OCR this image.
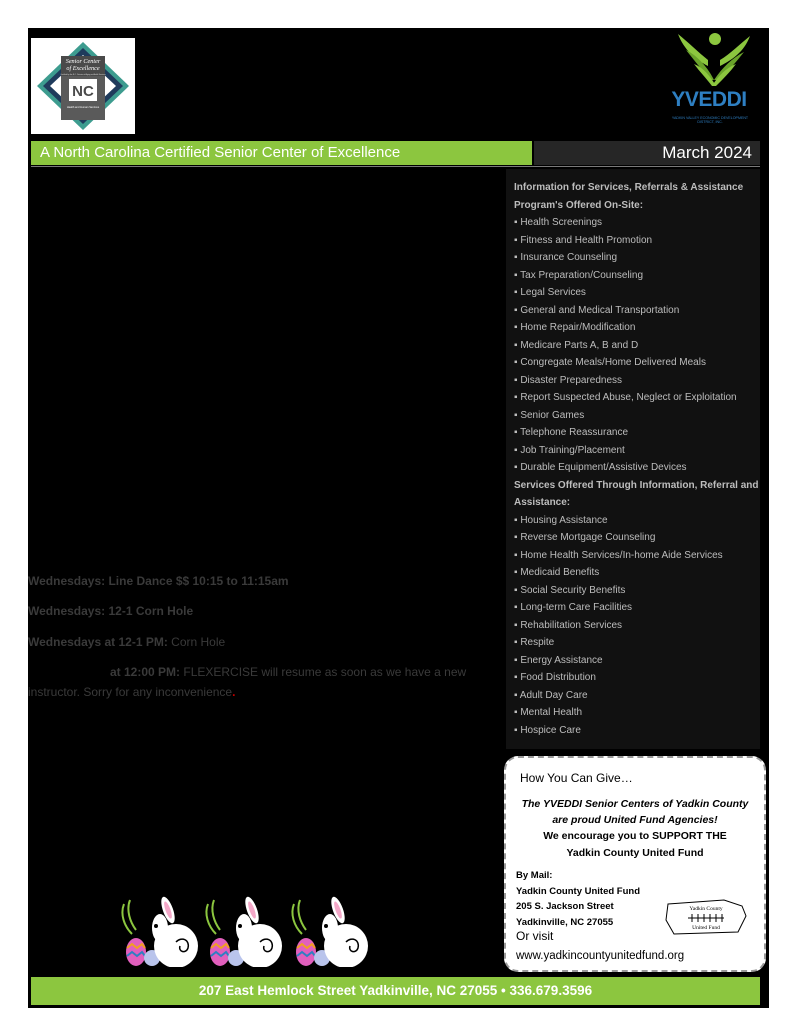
Senior Center
of Excellence
Certified by the N.C. Division of Aging and Adult Services
NC
Health and Human Services	YVEDDI
YADKIN VALLEY ECONOMIC DEVELOPMENT DISTRICT, INC.
A North Carolina Certified Senior Center of Excellence	March 2024
Information for Services, Referrals & Assistance Program's Offered On-Site:
▪ Health Screenings
▪ Fitness and Health Promotion
▪ Insurance Counseling
▪ Tax Preparation/Counseling
▪ Legal Services
▪ General and Medical Transportation
▪ Home Repair/Modification
▪ Medicare Parts A, B and D
▪ Congregate Meals/Home Delivered Meals
▪ Disaster Preparedness
▪ Report Suspected Abuse, Neglect or Exploitation
▪ Senior Games
▪ Telephone Reassurance
▪ Job Training/Placement
▪ Durable Equipment/Assistive Devices
Services Offered Through Information, Referral and Assistance:
▪ Housing Assistance
▪ Reverse Mortgage Counseling
▪ Home Health Services/In-home Aide Services
▪ Medicaid Benefits
▪ Social Security Benefits
▪ Long-term Care Facilities
▪ Rehabilitation Services
▪ Respite
▪ Energy Assistance
▪ Food Distribution
▪ Adult Day Care
▪ Mental Health
▪ Hospice Care
Wednesdays: Line Dance $$ 10:15 to 11:15am
Wednesdays: 12-1 Corn Hole
Wednesdays at 12-1 PM: Corn Hole
at 12:00 PM: FLEXERCISE will resume as soon as we have a new
instructor. Sorry for any inconvenience.
How You Can Give…
The YVEDDI Senior Centers of Yadkin County
are proud United Fund Agencies!
We encourage you to SUPPORT THE
Yadkin County United Fund
By Mail:
Yadkin County United Fund
205 S. Jackson Street
Yadkinville, NC 27055
Yadkin County
United Fund
Or visit
www.yadkincountyunitedfund.org
207 East Hemlock Street Yadkinville, NC 27055 • 336.679.3596
